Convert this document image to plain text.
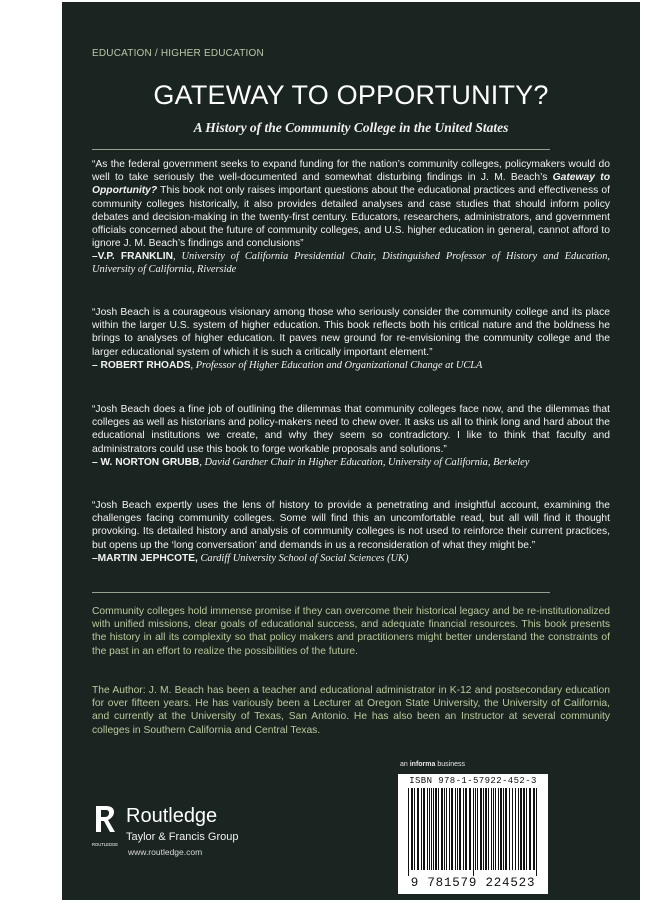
EDUCATION / HIGHER EDUCATION
GATEWAY TO OPPORTUNITY?
A History of the Community College in the United States

“As the federal government seeks to expand funding for the nation’s community colleges, policymakers would do well to take seriously the well-documented and somewhat disturbing findings in J. M. Beach’s Gateway to Opportunity? This book not only raises important questions about the educational practices and effectiveness of community colleges historically, it also provides detailed analyses and case studies that should inform policy debates and decision-making in the twenty-first century. Educators, researchers, administrators, and government officials concerned about the future of community colleges, and U.S. higher education in general, cannot afford to ignore J. M. Beach’s findings and conclusions”

–V.P. FRANKLIN, University of California Presidential Chair, Distinguished Professor of History and Education, University of California, Riverside

“Josh Beach is a courageous visionary among those who seriously consider the community college and its place within the larger U.S. system of higher education. This book reflects both his critical nature and the boldness he brings to analyses of higher education. It paves new ground for re-envisioning the community college and the larger educational system of which it is such a critically important element.”

– ROBERT RHOADS, Professor of Higher Education and Organizational Change at UCLA

“Josh Beach does a fine job of outlining the dilemmas that community colleges face now, and the dilemmas that colleges as well as historians and policy-makers need to chew over. It asks us all to think long and hard about the educational institutions we create, and why they seem so contradictory. I like to think that faculty and administrators could use this book to forge workable proposals and solutions.”

– W. NORTON GRUBB, David Gardner Chair in Higher Education, University of California, Berkeley

“Josh Beach expertly uses the lens of history to provide a penetrating and insightful account, examining the challenges facing community colleges. Some will find this an uncomfortable read, but all will find it thought provoking. Its detailed history and analysis of community colleges is not used to reinforce their current practices, but opens up the ‘long conversation’ and demands in us a reconsideration of what they might be.”

–MARTIN JEPHCOTE, Cardiff University School of Social Sciences (UK)

Community colleges hold immense promise if they can overcome their historical legacy and be re-institutionalized with unified missions, clear goals of educational success, and adequate financial resources. This book presents the history in all its complexity so that policy makers and practitioners might better understand the constraints of the past in an effort to realize the possibilities of the future.

The Author: J. M. Beach has been a teacher and educational administrator in K-12 and postsecondary education for over fifteen years. He has variously been a Lecturer at Oregon State University, the University of California, and currently at the University of Texas, San Antonio. He has also been an Instructor at several community colleges in Southern California and Central Texas.

an informa business
ISBN 978-1-57922-452-3
9 781579 224523
ROUTLEDGE
Routledge
Taylor & Francis Group
www.routledge.com
